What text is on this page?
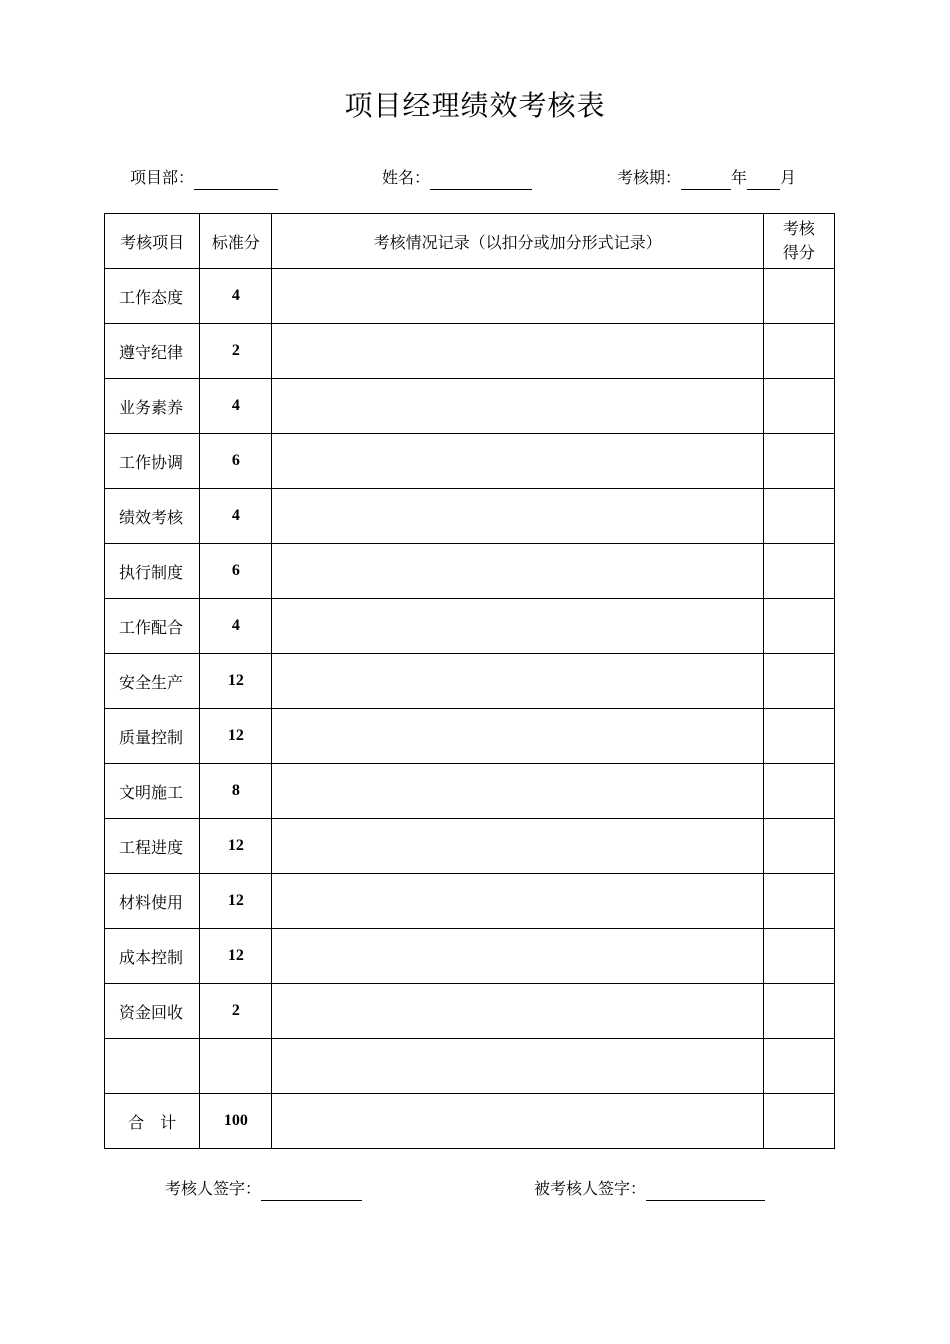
项目经理绩效考核表
项目部：	姓名：	考核期：	年 月
考核项目	标准分	考核情况记录（以扣分或加分形式记录）	考核
得分

工作态度	4		
遵守纪律	2		
业务素养	4		
工作协调	6		
绩效考核	4		
执行制度	6		
工作配合	4		
安全生产	12		
质量控制	12		
文明施工	8		
工程进度	12		
材料使用	12		
成本控制	12		
资金回收	2		

合　计	100		
考核人签字：	被考核人签字：
